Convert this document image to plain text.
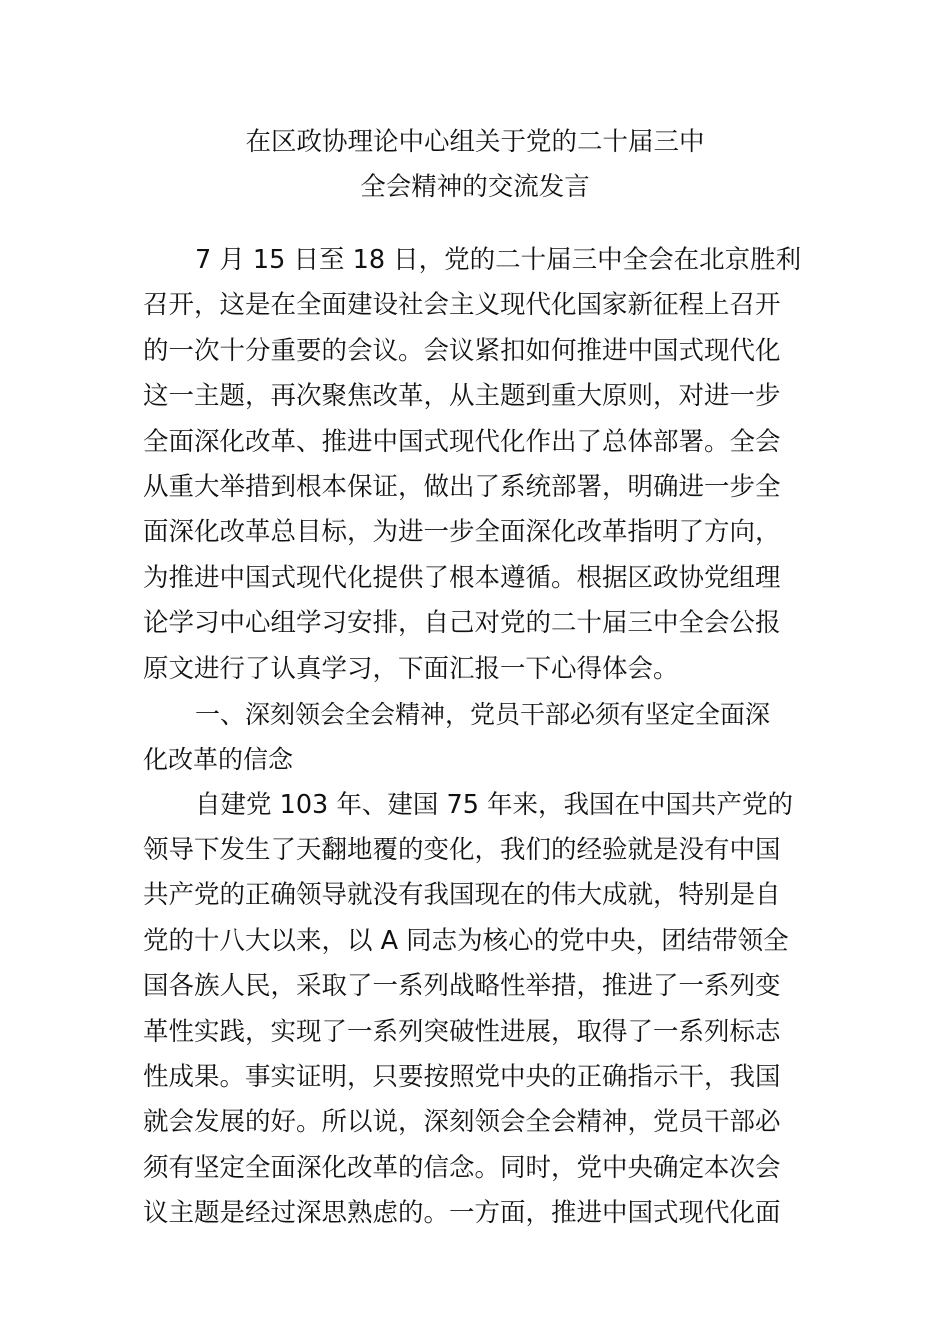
在区政协理论中心组关于党的二十届三中
全会精神的交流发言
7 月 15 日至 18 日，党的二十届三中全会在北京胜利
召开，这是在全面建设社会主义现代化国家新征程上召开
的一次十分重要的会议。会议紧扣如何推进中国式现代化
这一主题，再次聚焦改革，从主题到重大原则，对进一步
全面深化改革、推进中国式现代化作出了总体部署。全会
从重大举措到根本保证，做出了系统部署，明确进一步全
面深化改革总目标，为进一步全面深化改革指明了方向，
为推进中国式现代化提供了根本遵循。根据区政协党组理
论学习中心组学习安排，自己对党的二十届三中全会公报
原文进行了认真学习，下面汇报一下心得体会。
一、深刻领会全会精神，党员干部必须有坚定全面深
化改革的信念
自建党 103 年、建国 75 年来，我国在中国共产党的
领导下发生了天翻地覆的变化，我们的经验就是没有中国
共产党的正确领导就没有我国现在的伟大成就，特别是自
党的十八大以来，以 A 同志为核心的党中央，团结带领全
国各族人民，采取了一系列战略性举措，推进了一系列变
革性实践，实现了一系列突破性进展，取得了一系列标志
性成果。事实证明，只要按照党中央的正确指示干，我国
就会发展的好。所以说，深刻领会全会精神，党员干部必
须有坚定全面深化改革的信念。同时，党中央确定本次会
议主题是经过深思熟虑的。一方面，推进中国式现代化面
